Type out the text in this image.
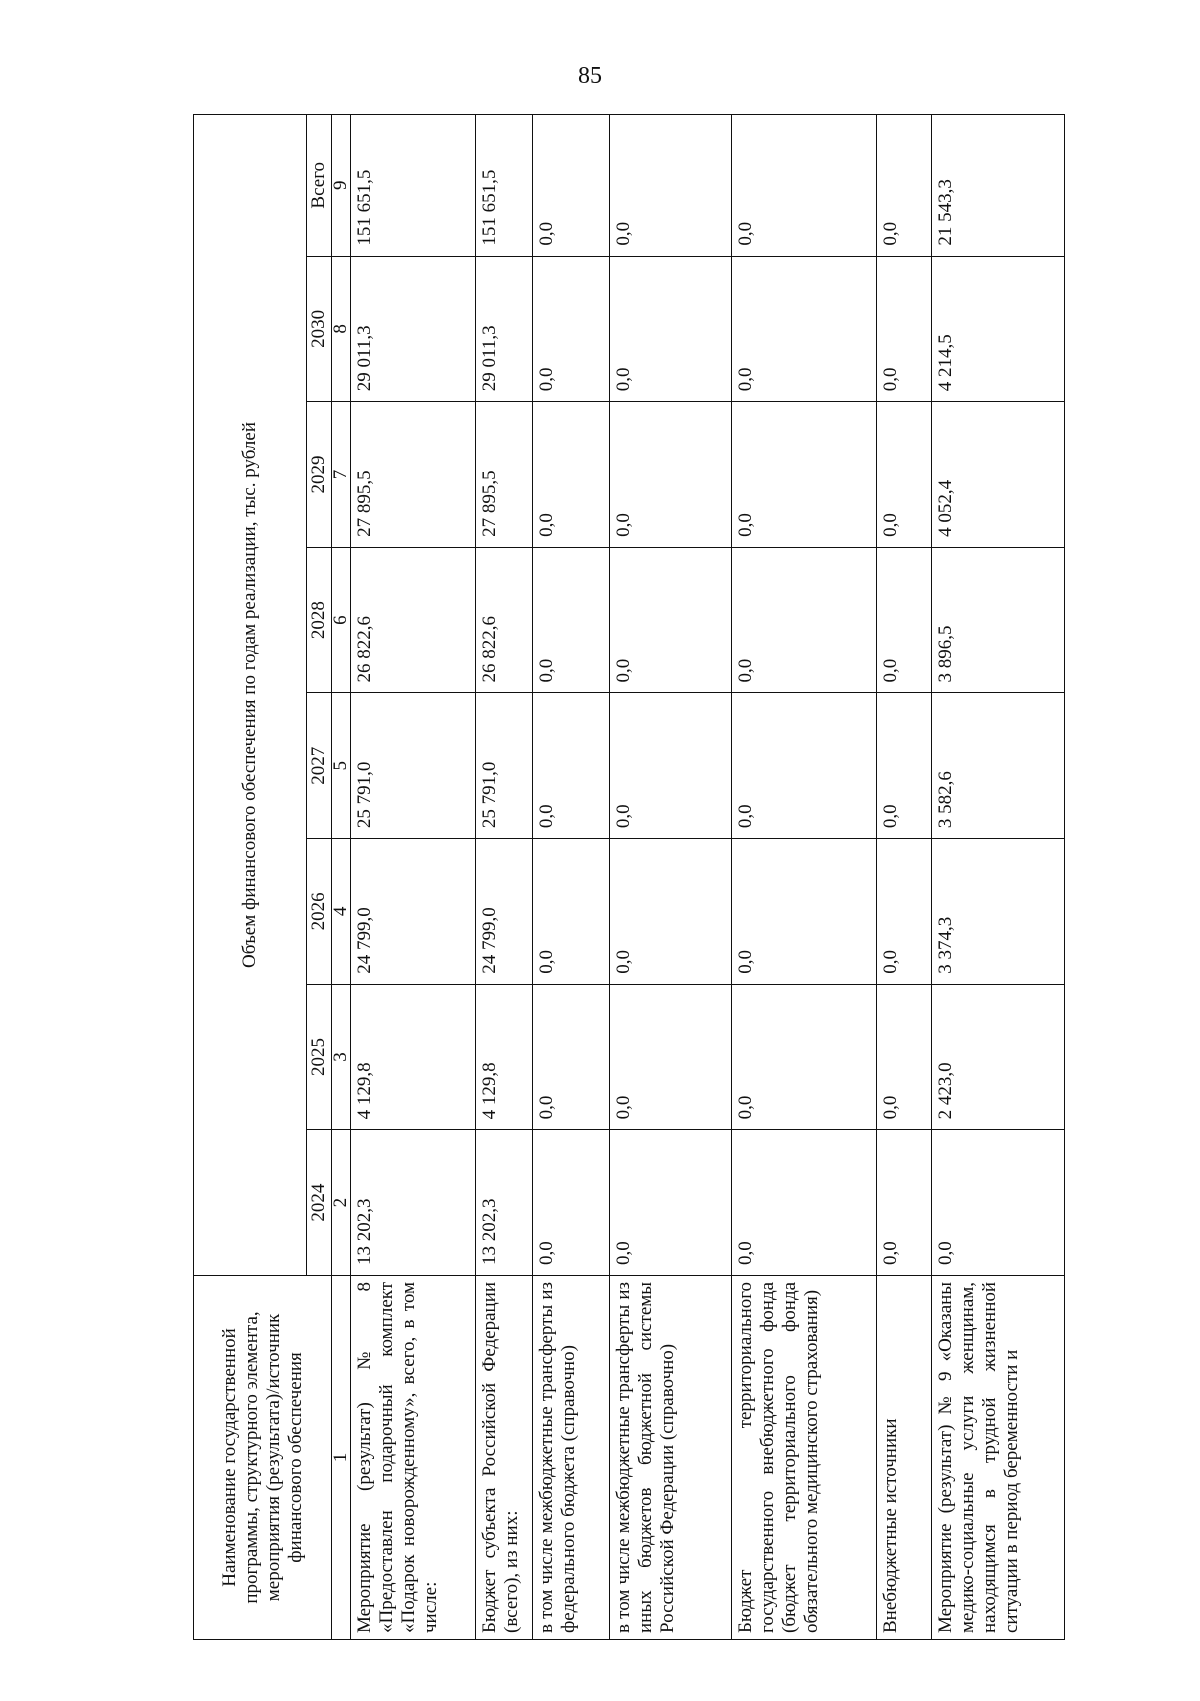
85
Наименование государственной программы, структурного элемента, мероприятия (результата)/источник финансового обеспечения	Объем финансового обеспечения по годам реализации, тыс. рублей							
	2024	2025	2026	2027	2028	2029	2030	Всего
1	2	3	4	5	6	7	8	9
Мероприятие (результат) № 8 «Предоставлен подарочный комплект «Подарок новорожденному», всего, в том числе:	13 202,3	4 129,8	24 799,0	25 791,0	26 822,6	27 895,5	29 011,3	151 651,5
Бюджет субъекта Российской Федерации (всего), из них:	13 202,3	4 129,8	24 799,0	25 791,0	26 822,6	27 895,5	29 011,3	151 651,5
в том числе межбюджетные трансферты из федерального бюджета (справочно)	0,0	0,0	0,0	0,0	0,0	0,0	0,0	0,0
в том числе межбюджетные трансферты из иных бюджетов бюджетной системы Российской Федерации (справочно)	0,0	0,0	0,0	0,0	0,0	0,0	0,0	0,0
Бюджет территориального государственного внебюджетного фонда (бюджет территориального фонда обязательного медицинского страхования)	0,0	0,0	0,0	0,0	0,0	0,0	0,0	0,0
Внебюджетные источники	0,0	0,0	0,0	0,0	0,0	0,0	0,0	0,0
Мероприятие (результат) № 9 «Оказаны медико-социальные услуги женщинам, находящимся в трудной жизненной ситуации в период беременности и	0,0	2 423,0	3 374,3	3 582,6	3 896,5	4 052,4	4 214,5	21 543,3
